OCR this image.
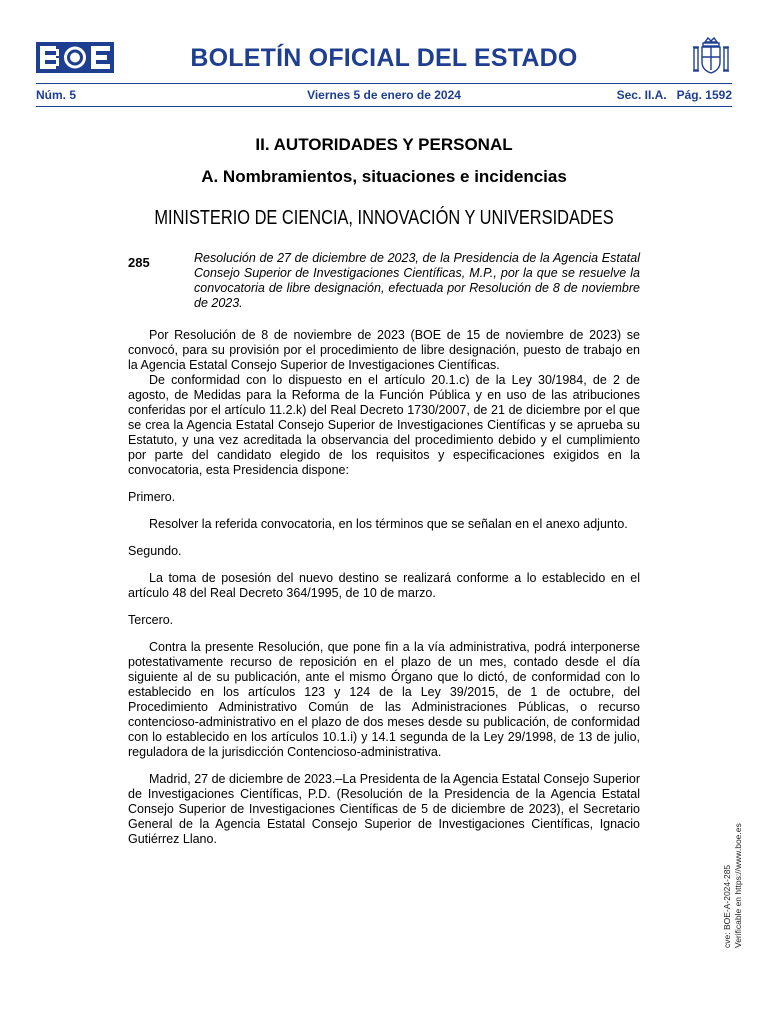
BOLETÍN OFICIAL DEL ESTADO
Núm. 5	Viernes 5 de enero de 2024	Sec. II.A.   Pág. 1592
II. AUTORIDADES Y PERSONAL
A. Nombramientos, situaciones e incidencias
MINISTERIO DE CIENCIA, INNOVACIÓN Y UNIVERSIDADES
285	Resolución de 27 de diciembre de 2023, de la Presidencia de la Agencia Estatal Consejo Superior de Investigaciones Científicas, M.P., por la que se resuelve la convocatoria de libre designación, efectuada por Resolución de 8 de noviembre de 2023.

Por Resolución de 8 de noviembre de 2023 (BOE de 15 de noviembre de 2023) se convocó, para su provisión por el procedimiento de libre designación, puesto de trabajo en la Agencia Estatal Consejo Superior de Investigaciones Científicas.

De conformidad con lo dispuesto en el artículo 20.1.c) de la Ley 30/1984, de 2 de agosto, de Medidas para la Reforma de la Función Pública y en uso de las atribuciones conferidas por el artículo 11.2.k) del Real Decreto 1730/2007, de 21 de diciembre por el que se crea la Agencia Estatal Consejo Superior de Investigaciones Científicas y se aprueba su Estatuto, y una vez acreditada la observancia del procedimiento debido y el cumplimiento por parte del candidato elegido de los requisitos y especificaciones exigidos en la convocatoria, esta Presidencia dispone:

Primero.

Resolver la referida convocatoria, en los términos que se señalan en el anexo adjunto.

Segundo.

La toma de posesión del nuevo destino se realizará conforme a lo establecido en el artículo 48 del Real Decreto 364/1995, de 10 de marzo.

Tercero.

Contra la presente Resolución, que pone fin a la vía administrativa, podrá interponerse potestativamente recurso de reposición en el plazo de un mes, contado desde el día siguiente al de su publicación, ante el mismo Órgano que lo dictó, de conformidad con lo establecido en los artículos 123 y 124 de la Ley 39/2015, de 1 de octubre, del Procedimiento Administrativo Común de las Administraciones Públicas, o recurso contencioso-administrativo en el plazo de dos meses desde su publicación, de conformidad con lo establecido en los artículos 10.1.i) y 14.1 segunda de la Ley 29/1998, de 13 de julio, reguladora de la jurisdicción Contencioso-administrativa.

Madrid, 27 de diciembre de 2023.–La Presidenta de la Agencia Estatal Consejo Superior de Investigaciones Científicas, P.D. (Resolución de la Presidencia de la Agencia Estatal Consejo Superior de Investigaciones Científicas de 5 de diciembre de 2023), el Secretario General de la Agencia Estatal Consejo Superior de Investigaciones Científicas, Ignacio Gutiérrez Llano.

cve: BOE-A-2024-285 Verificable en https://www.boe.es
